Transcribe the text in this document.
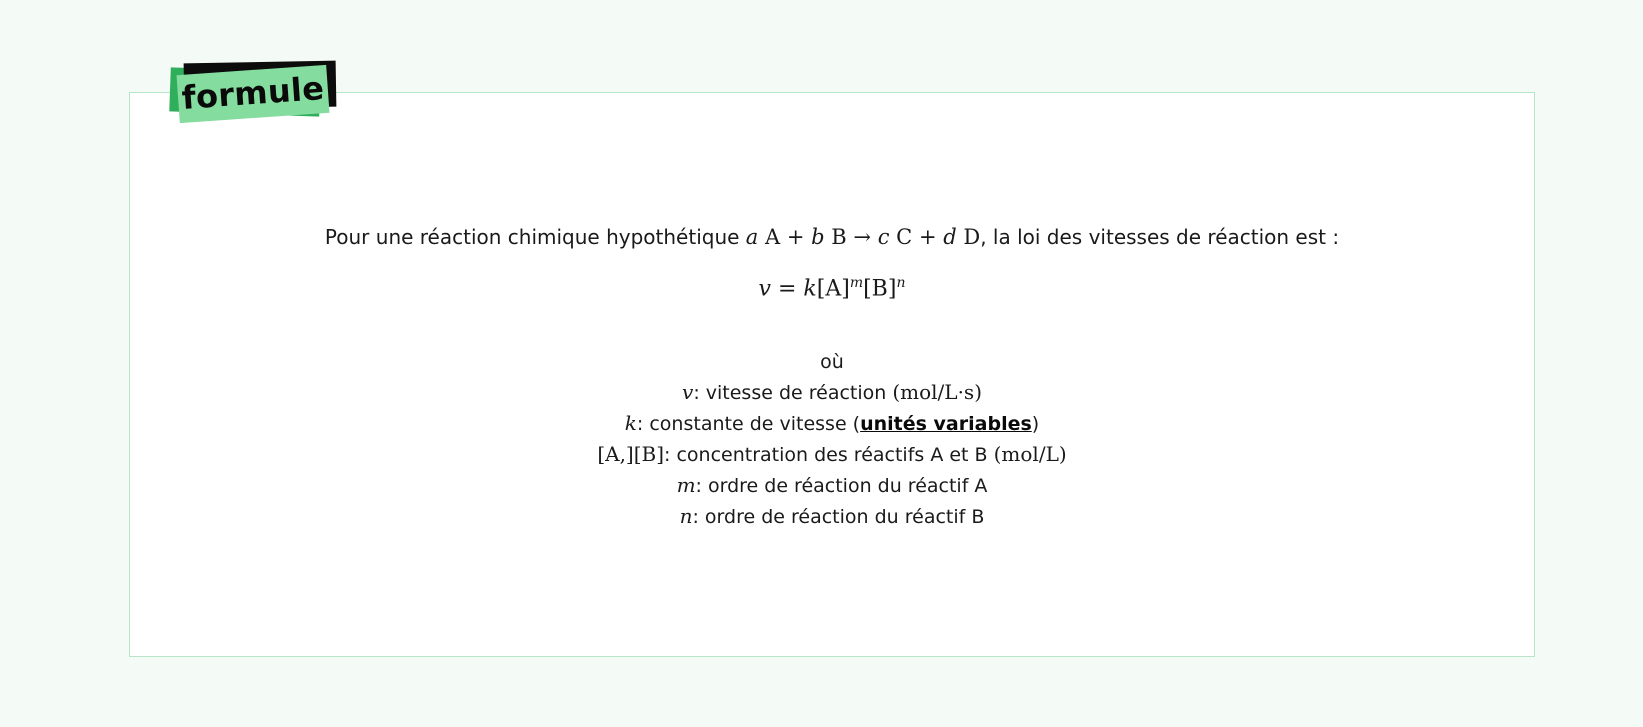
formule
Pour une réaction chimique hypothétique a A + b B → c C + d D, la loi des vitesses de réaction est :
$v = k[A]^m[B]^n$
où
v: vitesse de réaction (mol/L·s)
k: constante de vitesse (unités variables)
[A,][B]: concentration des réactifs A et B (mol/L)
m: ordre de réaction du réactif A
n: ordre de réaction du réactif B
